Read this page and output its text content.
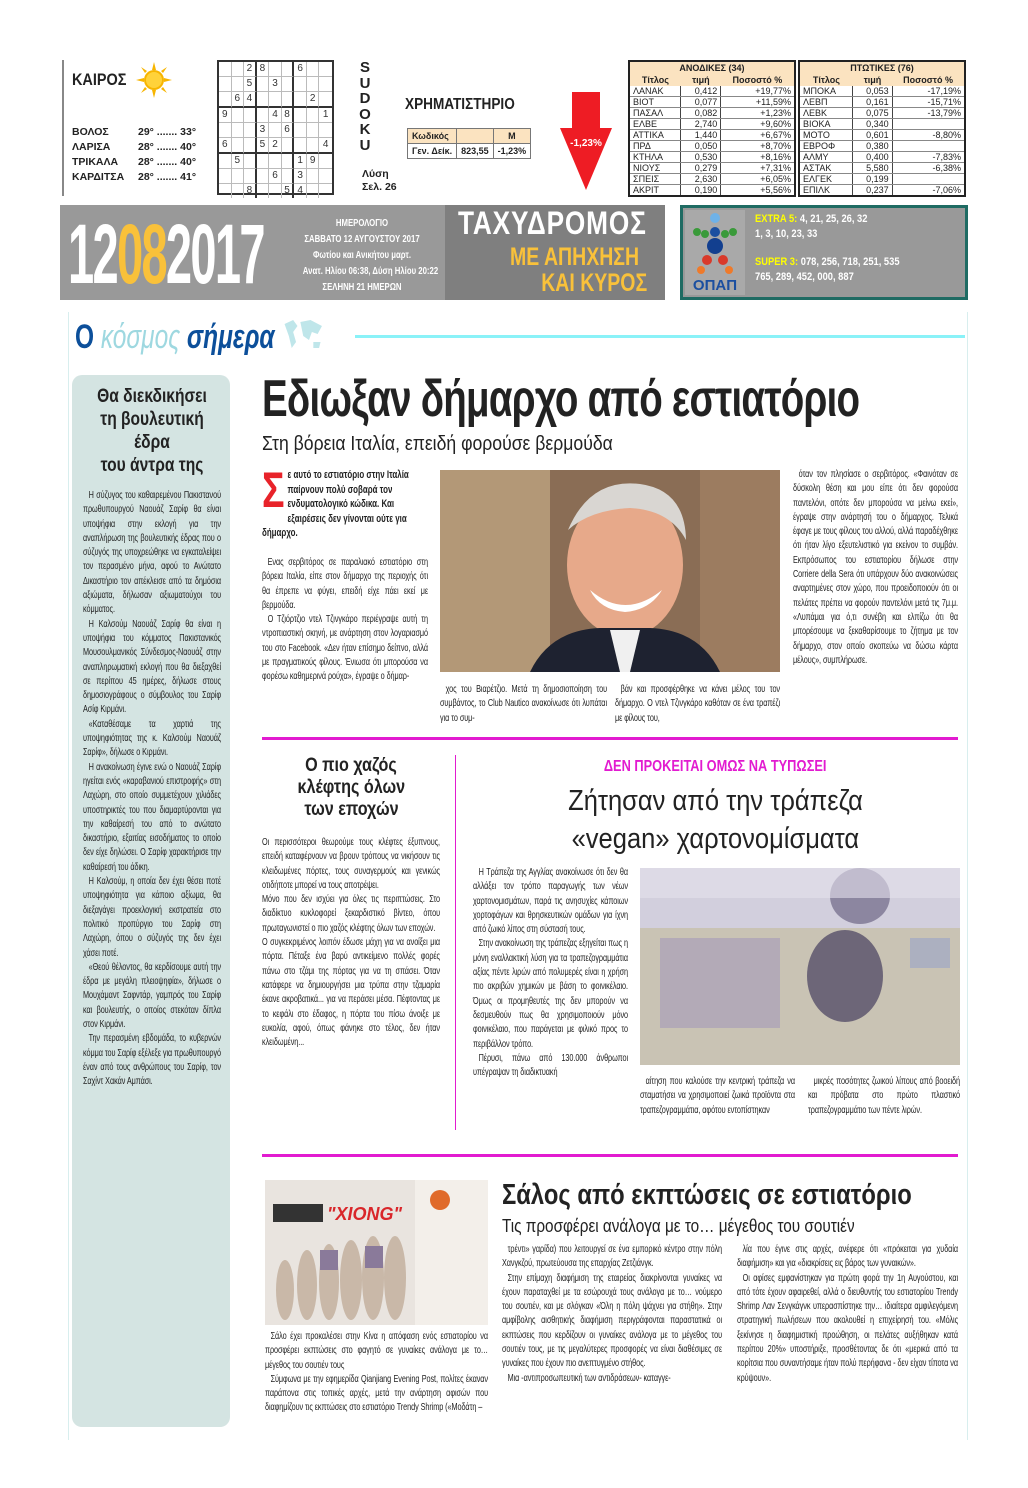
ΚΑΙΡΟΣ
ΒΟΛΟΣ	29° ....... 33°
ΛΑΡΙΣΑ	28° ....... 40°
ΤΡΙΚΑΛΑ	28° ....... 40°
ΚΑΡΔΙΤΣΑ	28° ....... 41°
2 8	6
5	3
6 4	2
9	4 8	1
3	6
6	5 2	4
5	1 9
6	3
8	5 4
S
U
D
O
K
U
Λύση
Σελ. 26
ΧΡΗΜΑΤΙΣΤΗΡΙΟ
Κωδικός		Μ
Γεν. Δείκ.	823,55	-1,23%
-1,23%
ΑΝΟΔΙΚΕΣ (34)		
Τίτλος	τιμή	Ποσοστό %
ΛΑΝΑΚ	0,412	+19,77%
ΒΙΟΤ	0,077	+11,59%
ΠΑΣΑΛ	0,082	+1,23%
ΕΛΒΕ	2,740	+9,60%
ΑΤΤΙΚΑ	1,440	+6,67%
ΠΡΔ	0,050	+8,70%
ΚΤΗΛΑ	0,530	+8,16%
ΝΙΟΥΣ	0,279	+7,31%
ΣΠΕΙΣ	2,630	+6,05%
ΑΚΡΙΤ	0,190	+5,56%
ΠΤΩΤΙΚΕΣ (76)		
Τίτλος	τιμή	Ποσοστό %
ΜΠΟΚΑ	0,053	-17,19%
ΛΕΒΠ	0,161	-15,71%
ΛΕΒΚ	0,075	-13,79%
ΒΙΟΚΑ	0,340	
ΜΟΤΟ	0,601	-8,80%
ΕΒΡΟΦ	0,380	
ΑΛΜΥ	0,400	-7,83%
ΑΣΤΑΚ	5,580	-6,38%
ΕΛΓΕΚ	0,199	
ΕΠΙΛΚ	0,237	-7,06%
12082017	ΗΜΕΡΟΛΟΓΙΟ
ΣΑΒΒΑΤΟ 12 ΑΥΓΟΥΣΤΟΥ 2017
Φωτίου και Ανικήτου μαρτ.
Ανατ. Ηλίου 06:38, Δύση Ηλίου 20:22
ΣΕΛΗΝΗ 21 ΗΜΕΡΩΝ
ΤΑΧΥΔΡΟΜΟΣ
ΜΕ ΑΠΗΧΗΣΗ
ΚΑΙ ΚΥΡΟΣ	ΟΠΑΠ
EXTRA 5: 4, 21, 25, 26, 32
1, 3, 10, 23, 33
SUPER 3: 078, 256, 718, 251, 535
765, 289, 452, 000, 887
Ο κόσμος σήμερα
Θα διεκδικήσει
τη βουλευτική
έδρα
του άντρα της

Η σύζυγος του καθαιρεμένου Πακιστανού πρωθυπουργού Ναουάζ Σαρίφ θα είναι υποψήφια στην εκλογή για την αναπλήρωση της βουλευτικής έδρας που ο σύζυγός της υποχρεώθηκε να εγκαταλείψει τον περασμένο μήνα, αφού το Ανώτατο Δικαστήριο τον απέκλεισε από τα δημόσια αξιώματα, δήλωσαν αξιωματούχοι του κόμματος.

Η Καλσούμ Ναουάζ Σαρίφ θα είναι η υποψήφια του κόμματος Πακιστανικός Μουσουλμανικός Σύνδεσμος-Ναουάζ στην αναπληρωματική εκλογή που θα διεξαχθεί σε περίπου 45 ημέρες, δήλωσε στους δημοσιογράφους ο σύμβουλος του Σαρίφ Ασίφ Κιρμάνι.

«Καταθέσαμε τα χαρτιά της υποψηφιότητας της κ. Καλσούμ Ναουάζ Σαρίφ», δήλωσε ο Κιρμάνι.

Η ανακοίνωση έγινε ενώ ο Ναουάζ Σαρίφ ηγείται ενός «καραβανιού επιστροφής» στη Λαχώρη, στο οποίο συμμετέχουν χιλιάδες υποστηρικτές του που διαμαρτύρονται για την καθαίρεσή του από το ανώτατο δικαστήριο, εξαιτίας εισοδήματος το οποίο δεν είχε δηλώσει. Ο Σαρίφ χαρακτήρισε την καθαίρεσή του άδικη.

Η Καλσούμ, η οποία δεν έχει θέσει ποτέ υποψηφιότητα για κάποιο αξίωμα, θα διεξαγάγει προεκλογική εκστρατεία στο πολιτικό προπύργιο του Σαρίφ στη Λαχώρη, όπου ο σύζυγός της δεν έχει χάσει ποτέ.

«Θεού θέλοντος, θα κερδίσουμε αυτή την έδρα με μεγάλη πλειοψηφία», δήλωσε ο Μουχάμαντ Σαφντάρ, γαμπρός του Σαρίφ και βουλευτής, ο οποίος στεκόταν δίπλα στον Κιρμάνι.

Την περασμένη εβδομάδα, το κυβερνών κόμμα του Σαρίφ εξέλεξε για πρωθυπουργό έναν από τους ανθρώπους του Σαρίφ, τον Σαχίντ Χακάν Αμπάσι.

Εδιωξαν δήμαρχο από εστιατόριο
Στη βόρεια Ιταλία, επειδή φορούσε βερμούδα
Σε αυτό το εστιατόριο στην Ιταλία παίρνουν πολύ σοβαρά τον ενδυματολογικό κώδικα. Και εξαιρέσεις δεν γίνονται ούτε για δήμαρχο.

Ενας σερβιτόρος σε παραλιακό εστιατόριο στη βόρεια Ιταλία, είπε στον δήμαρχο της περιοχής ότι θα έπρεπε να φύγει, επειδή είχε πάει εκεί με βερμούδα.

Ο Τζιόρτζιο ντελ Τζινγκάρο περιέγραψε αυτή τη ντροπιαστική σκηνή, με ανάρτηση στον λογαριασμό του στο Facebook. «Δεν ήταν επίσημο δείπνο, αλλά με πραγματικούς φίλους. Ένιωσα ότι μπορούσα να φορέσω καθημερινά ρούχα», έγραψε ο δήμαρ-

χος του Βιαρέτζιο. Μετά τη δημοσιοποίηση του συμβάντος, το Club Nautico ανακοίνωσε ότι λυπάται για το συμ-

βάν και προσφέρθηκε να κάνει μέλος του τον δήμαρχο. Ο ντελ Τζινγκάρο καθόταν σε ένα τραπέζι με φίλους του,

όταν τον πλησίασε ο σερβιτόρος. «Φαινόταν σε δύσκολη θέση και μου είπε ότι δεν φορούσα παντελόνι, οπότε δεν μπορούσα να μείνω εκεί», έγραψε στην ανάρτησή του ο δήμαρχος. Τελικά έφαγε με τους φίλους του αλλού, αλλά παραδέχθηκε ότι ήταν λίγο εξευτελιστικό για εκείνον το συμβάν. Εκπρόσωπος του εστιατορίου δήλωσε στην Corriere della Sera ότι υπάρχουν δύο ανακοινώσεις αναρτημένες στον χώρο, που προειδοποιούν ότι οι πελάτες πρέπει να φορούν παντελόνι μετά τις 7μ.μ. «Λυπάμαι για ό,τι συνέβη και ελπίζω ότι θα μπορέσουμε να ξεκαθαρίσουμε το ζήτημα με τον δήμαρχο, στον οποίο σκοπεύω να δώσω κάρτα μέλους», συμπλήρωσε.

Ο πιο χαζός
κλέφτης όλων
των εποχών

Οι περισσότεροι θεωρούμε τους κλέφτες έξυπνους, επειδή καταφέρνουν να βρουν τρόπους να νικήσουν τις κλειδωμένες πόρτες, τους συναγερμούς και γενικώς οτιδήποτε μπορεί να τους αποτρέψει.

Μόνο που δεν ισχύει για όλες τις περιπτώσεις. Στο διαδίκτυο κυκλοφορεί ξεκαρδιστικό βίντεο, όπου πρωταγωνιστεί ο πιο χαζός κλέφτης όλων των εποχών.

Ο συγκεκριμένος λοιπόν έδωσε μάχη για να ανοίξει μια πόρτα. Πέταξε ένα βαρύ αντικείμενο πολλές φορές πάνω στο τζάμι της πόρτας για να τη σπάσει. Όταν κατάφερε να δημιουργήσει μια τρύπα στην τζαμαρία έκανε ακροβατικά... για να περάσει μέσα. Πέφτοντας με το κεφάλι στο έδαφος, η πόρτα του πίσω άνοιξε με ευκολία, αφού, όπως φάνηκε στο τέλος, δεν ήταν κλειδωμένη...

ΔΕΝ ΠΡΟΚΕΙΤΑΙ ΟΜΩΣ ΝΑ ΤΥΠΩΣΕΙ
Ζήτησαν από την τράπεζα
«vegan» χαρτονομίσματα

Η Τράπεζα της Αγγλίας ανακοίνωσε ότι δεν θα αλλάξει τον τρόπο παραγωγής των νέων χαρτονομισμάτων, παρά τις ανησυχίες κάποιων χορτοφάγων και θρησκευτικών ομάδων για ίχνη από ζωικό λίπος στη σύστασή τους.

Στην ανακοίνωση της τράπεζας εξηγείται πως η μόνη εναλλακτική λύση για τα τραπεζογραμμάτια αξίας πέντε λιρών από πολυμερές είναι η χρήση πιο ακριβών χημικών με βάση το φοινικέλαιο. Όμως οι προμηθευτές της δεν μπορούν να δεσμευθούν πως θα χρησιμοποιούν μόνο φοινικέλαιο, που παράγεται με φιλικό προς το περιβάλλον τρόπο.

Πέρυσι, πάνω από 130.000 άνθρωποι υπέγραψαν τη διαδικτυακή

αίτηση που καλούσε την κεντρική τράπεζα να σταματήσει να χρησιμοποιεί ζωικά προϊόντα στα τραπεζογραμμάτια, αφότου εντοπίστηκαν

μικρές ποσότητες ζωικού λίπους από βοοειδή και πρόβατα στο πρώτο πλαστικό τραπεζογραμμάτιο των πέντε λιρών.

"XIONG"

Σάλο έχει προκαλέσει στην Κίνα η απόφαση ενός εστιατορίου να προσφέρει εκπτώσεις στο φαγητό σε γυναίκες ανάλογα με το… μέγεθος του σουτιέν τους

Σύμφωνα με την εφημερίδα Qianjiang Evening Post, πολίτες έκαναν παράπονα στις τοπικές αρχές, μετά την ανάρτηση αφισών που διαφημίζουν τις εκπτώσεις στο εστιατόριο Trendy Shrimp («Μοδάτη –

Σάλος από εκπτώσεις σε εστιατόριο
Τις προσφέρει ανάλογα με το… μέγεθος του σουτιέν

τρέντι» γαρίδα) που λειτουργεί σε ένα εμπορικό κέντρο στην πόλη Χανγκζού, πρωτεύουσα της επαρχίας Ζετζιάνγκ.

Στην επίμαχη διαφήμιση της εταιρείας διακρίνονται γυναίκες να έχουν παραταχθεί με τα εσώρουχά τους ανάλογα με το… νούμερο του σουτιέν, και με σλόγκαν «Όλη η πόλη ψάχνει για στήθη». Στην αμφίβολης αισθητικής διαφήμιση περιγράφονται παραστατικά οι εκπτώσεις που κερδίζουν οι γυναίκες ανάλογα με το μέγεθος του σουτιέν τους, με τις μεγαλύτερες προσφορές να είναι διαθέσιμες σε γυναίκες που έχουν πιο ανεπτυγμένο στήθος.

Μια -αντιπροσωπευτική των αντιδράσεων- καταγγε-

λία που έγινε στις αρχές, ανέφερε ότι «πρόκειται για χυδαία διαφήμιση» και για «διακρίσεις εις βάρος των γυναικών».

Οι αφίσες εμφανίστηκαν για πρώτη φορά την 1η Αυγούστου, και από τότε έχουν αφαιρεθεί, αλλά ο διευθυντής του εστιατορίου Trendy Shrimp Λαν Σενγκάγνκ υπερασπίστηκε την… ιδιαίτερα αμφιλεγόμενη στρατηγική πωλήσεων που ακολουθεί η επιχείρησή του. «Μόλις ξεκίνησε η διαφημιστική προώθηση, οι πελάτες αυξήθηκαν κατά περίπου 20%» υποστήριξε, προσθέτοντας δε ότι «μερικά από τα κορίτσια που συναντήσαμε ήταν πολύ περήφανα - δεν είχαν τίποτα να κρύψουν».
